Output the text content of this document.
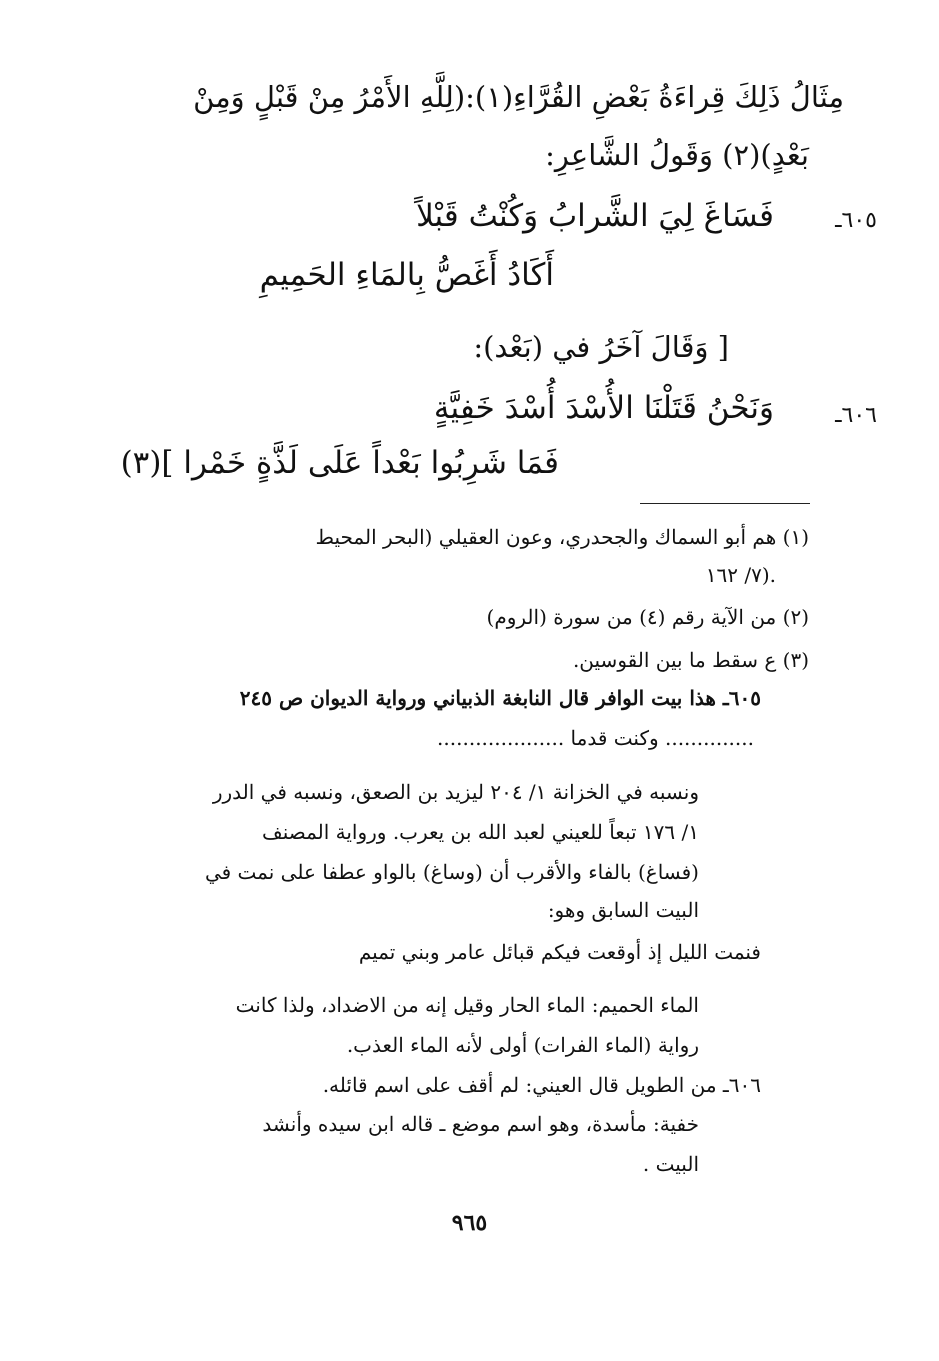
مِثَالُ ذَلِكَ قِراءَةُ بَعْضِ القُرَّاءِ(١):(لِلَّهِ الأَمْرُ مِنْ قَبْلٍ وَمِنْ
بَعْدٍ)(٢) وَقَولُ الشَّاعِرِ:
٦٠٥ـ
فَسَاغَ لِيَ الشَّرابُ وَكُنْتُ قَبْلاً
أَكَادُ أَغَصُّ بِالمَاءِ الحَمِيمِ
[ وَقَالَ آخَرُ في (بَعْد):
٦٠٦ـ
وَنَحْنُ قَتَلْنَا الأُسْدَ أُسْدَ خَفِيَّةٍ
فَمَا شَرِبُوا بَعْداً عَلَى لَذَّةٍ خَمْرا ](٣)
(١) هم أبو السماك والجحدري، وعون العقيلي (البحر المحيط
٧/ ١٦٢).
(٢) من الآية رقم (٤) من سورة (الروم)
(٣) ع سقط ما بين القوسين.
٦٠٥ـ هذا بيت الوافر قال النابغة الذبياني ورواية الديوان ص ٢٤٥
.............. وكنت قدما ....................
ونسبه في الخزانة ١/ ٢٠٤ ليزيد بن الصعق، ونسبه في الدرر
١/ ١٧٦ تبعاً للعيني لعبد الله بن يعرب. ورواية المصنف
(فساغ) بالفاء والأقرب أن (وساغ) بالواو عطفا على نمت في
البيت السابق وهو:
فنمت الليل إذ أوقعت فيكم قبائل عامر وبني تميم
الماء الحميم: الماء الحار وقيل إنه من الاضداد، ولذا كانت
رواية (الماء الفرات) أولى لأنه الماء العذب.
٦٠٦ـ من الطويل قال العيني: لم أقف على اسم قائله.
خفية: مأسدة، وهو اسم موضع ـ قاله ابن سيده وأنشد
البيت .
٩٦٥
